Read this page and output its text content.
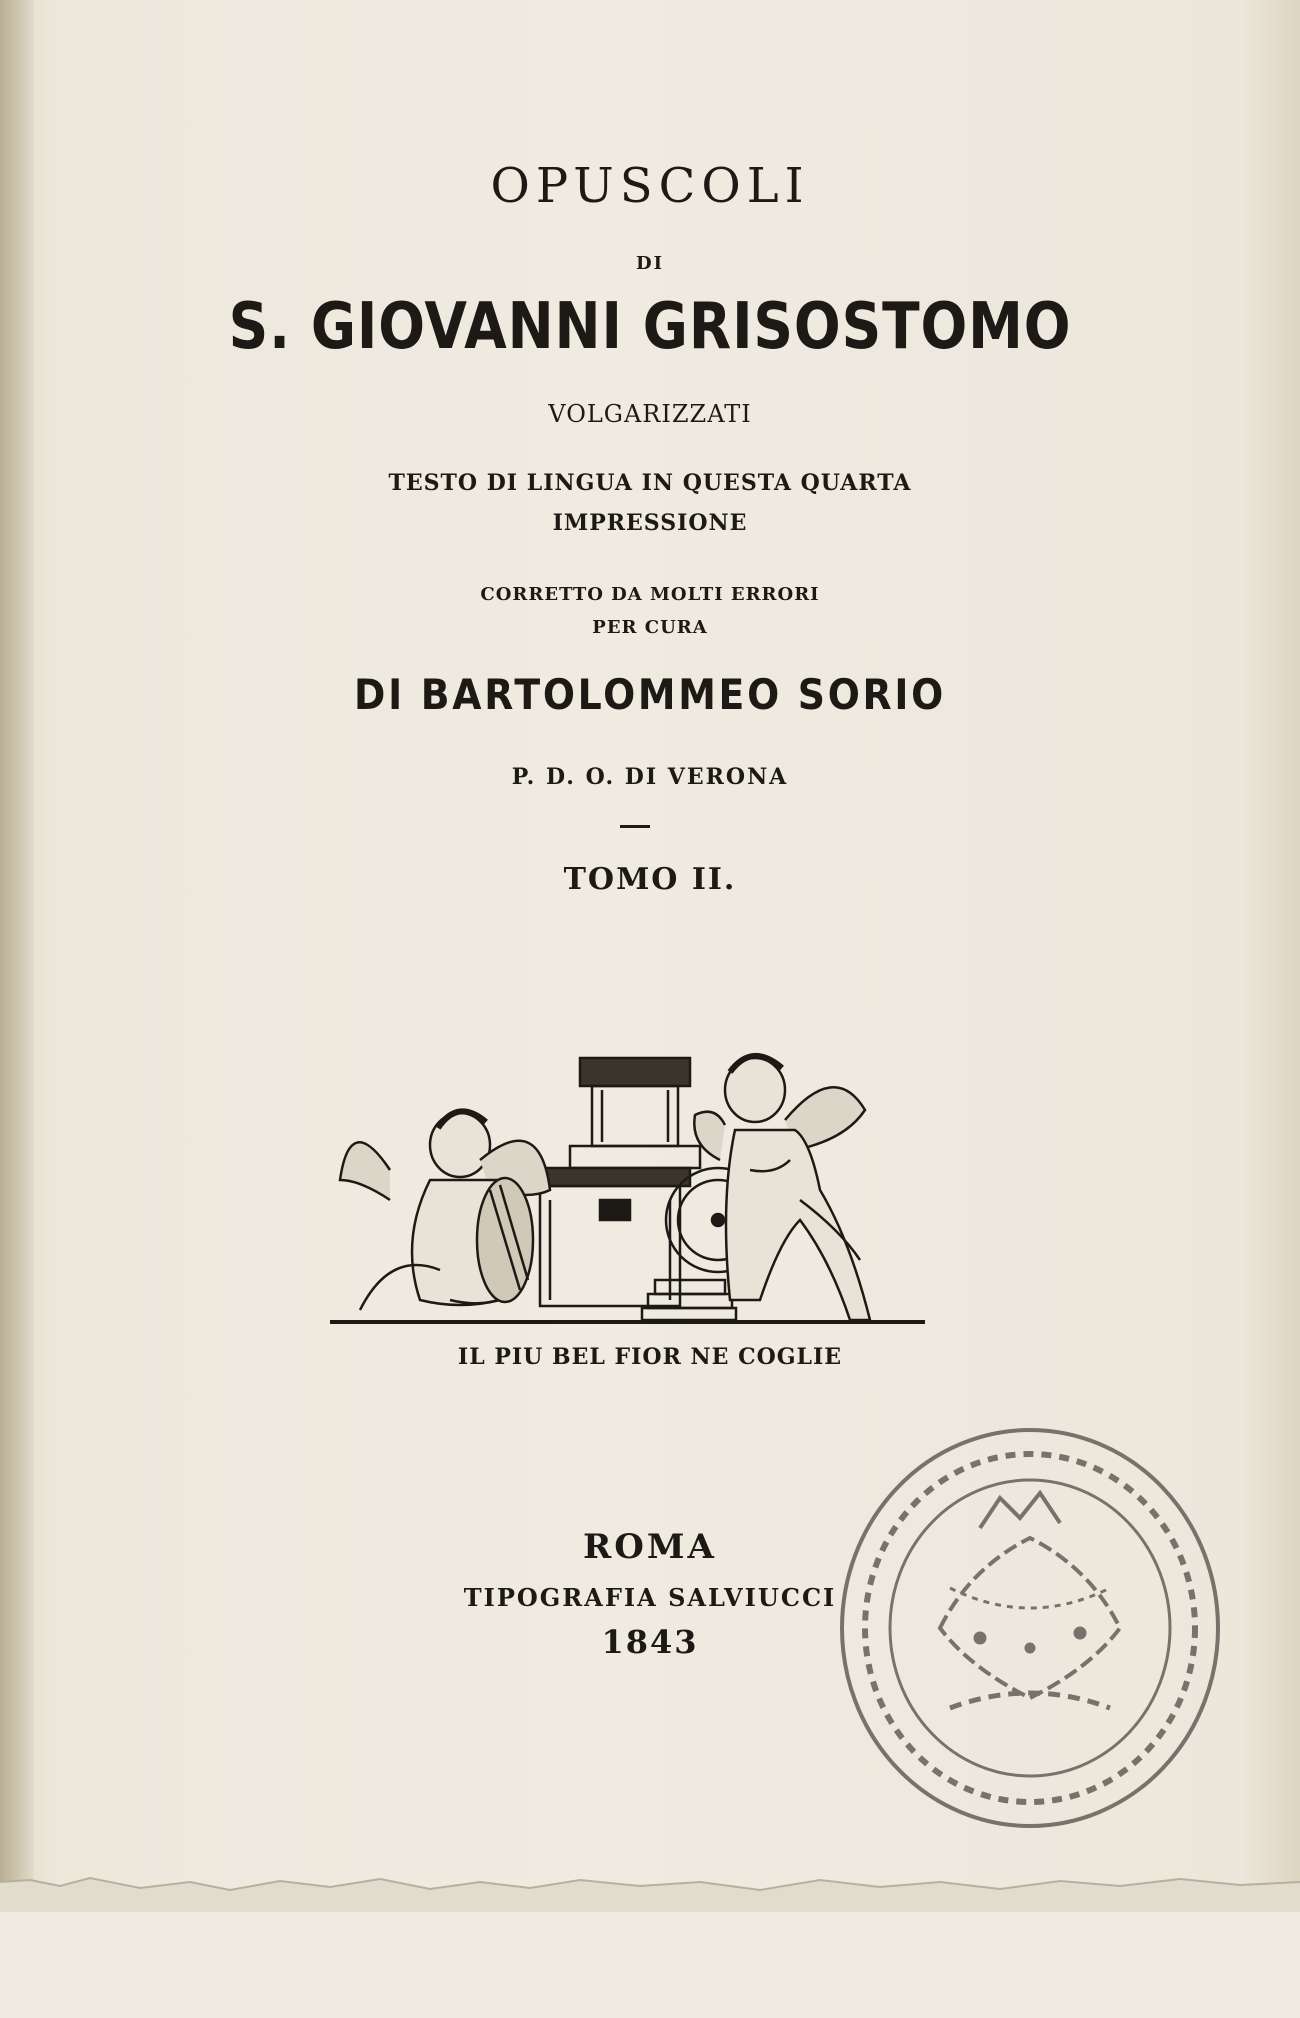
OPUSCOLI
DI
S. GIOVANNI GRISOSTOMO
VOLGARIZZATI
TESTO DI LINGUA IN QUESTA QUARTA
IMPRESSIONE
CORRETTO DA MOLTI ERRORI
PER CURA
DI BARTOLOMMEO SORIO
P. D. O. DI VERONA
TOMO II.
IL PIU BEL FIOR NE COGLIE
ROMA
TIPOGRAFIA SALVIUCCI
1843
